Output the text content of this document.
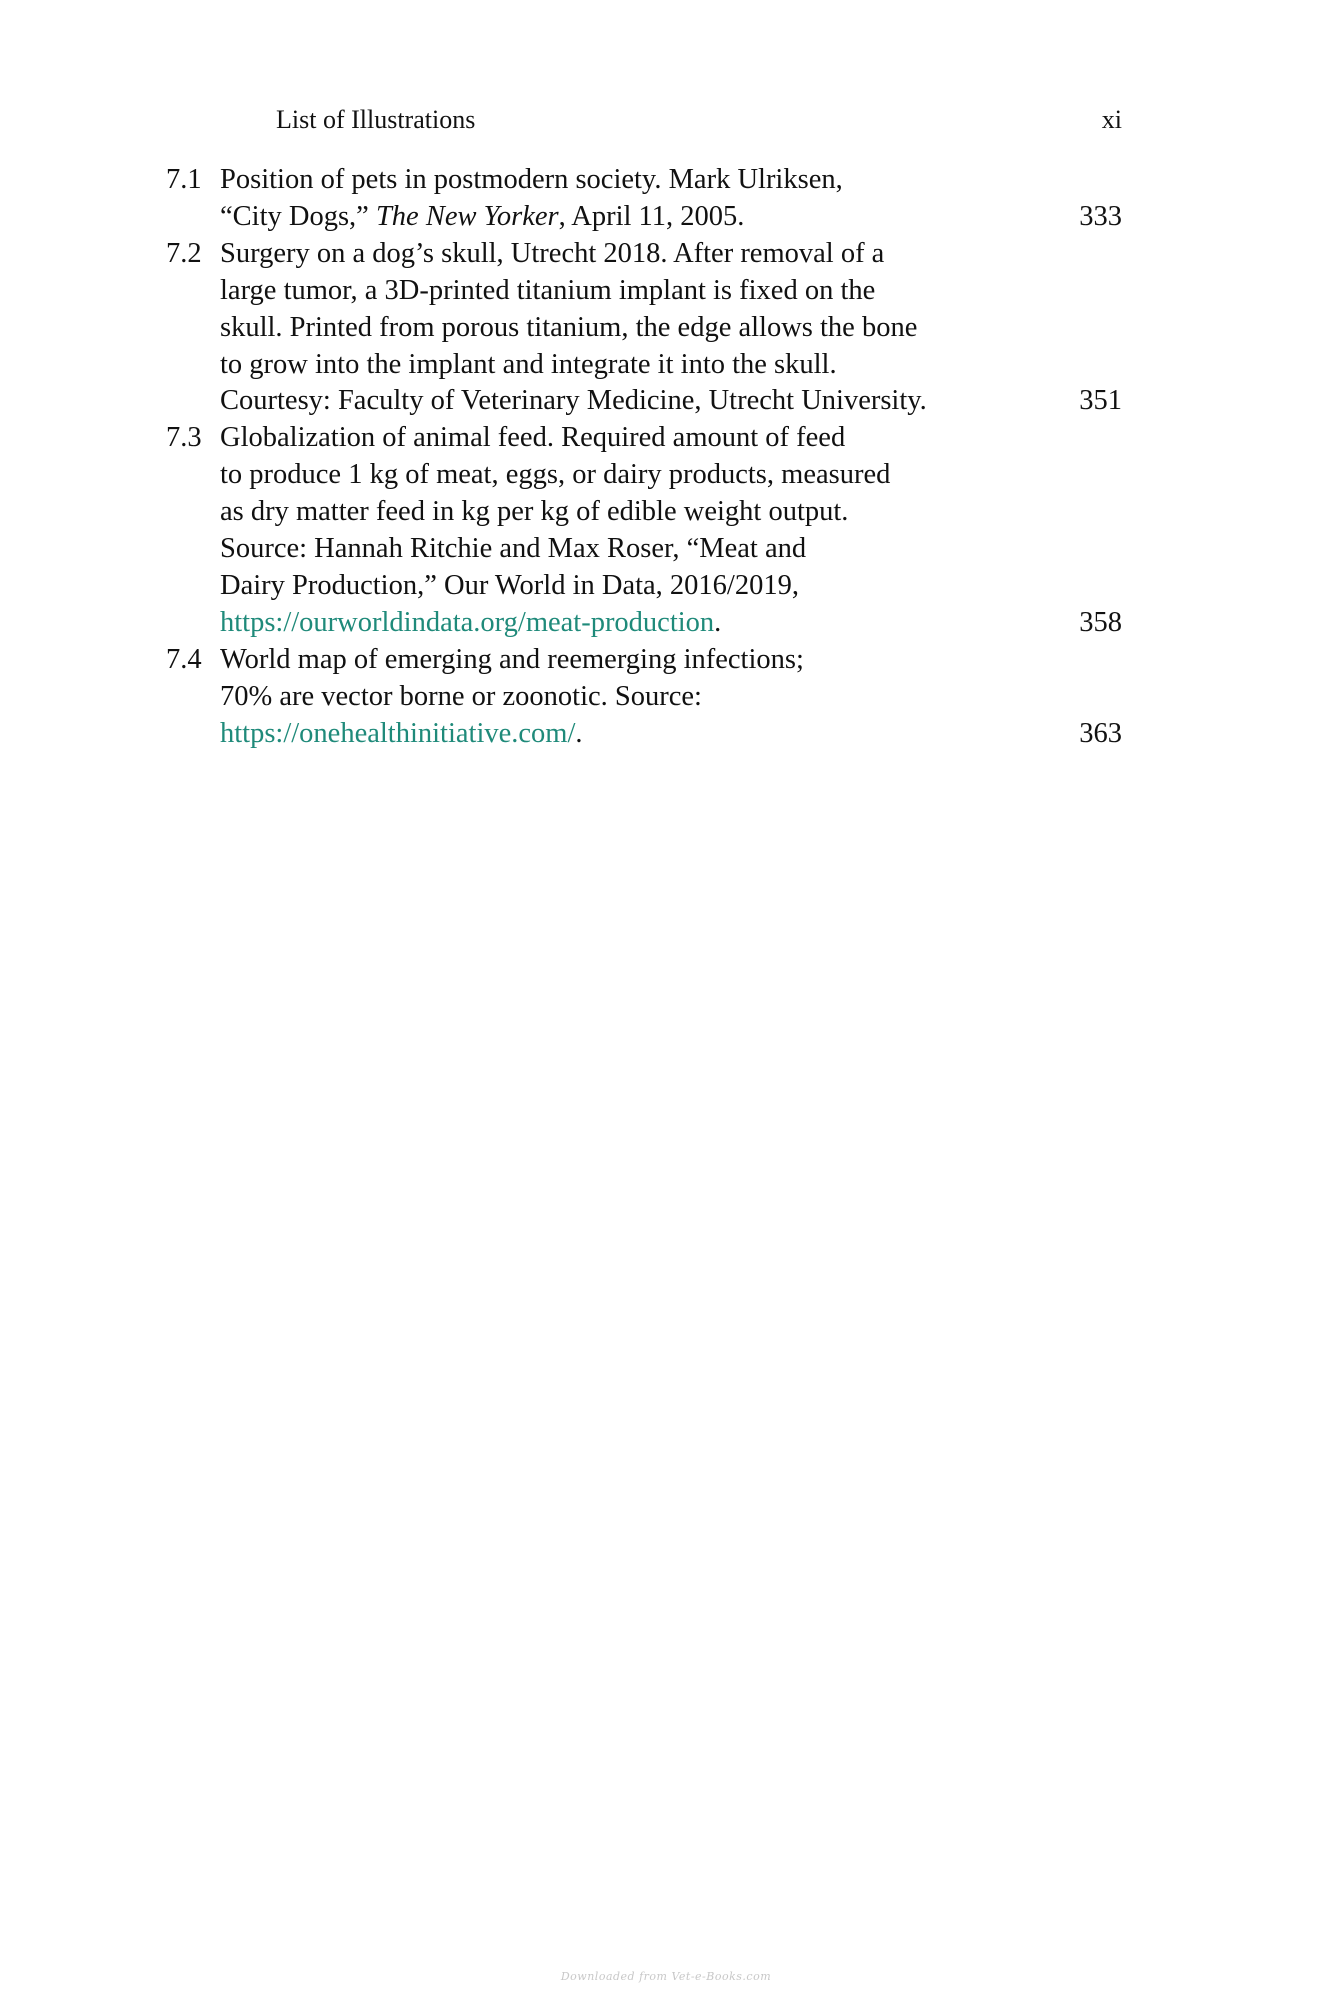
List of Illustrations	xi
7.1 Position of pets in postmodern society. Mark Ulriksen,
“City Dogs,” The New Yorker, April 11, 2005.	333
7.2 Surgery on a dog’s skull, Utrecht 2018. After removal of a
large tumor, a 3D-printed titanium implant is fixed on the
skull. Printed from porous titanium, the edge allows the bone
to grow into the implant and integrate it into the skull.
Courtesy: Faculty of Veterinary Medicine, Utrecht University.	351
7.3 Globalization of animal feed. Required amount of feed
to produce 1 kg of meat, eggs, or dairy products, measured
as dry matter feed in kg per kg of edible weight output.
Source: Hannah Ritchie and Max Roser, “Meat and
Dairy Production,” Our World in Data, 2016/2019,
https://ourworldindata.org/meat-production.	358
7.4 World map of emerging and reemerging infections;
70% are vector borne or zoonotic. Source:
https://onehealthinitiative.com/.	363
Downloaded from Vet-e-Books.com
